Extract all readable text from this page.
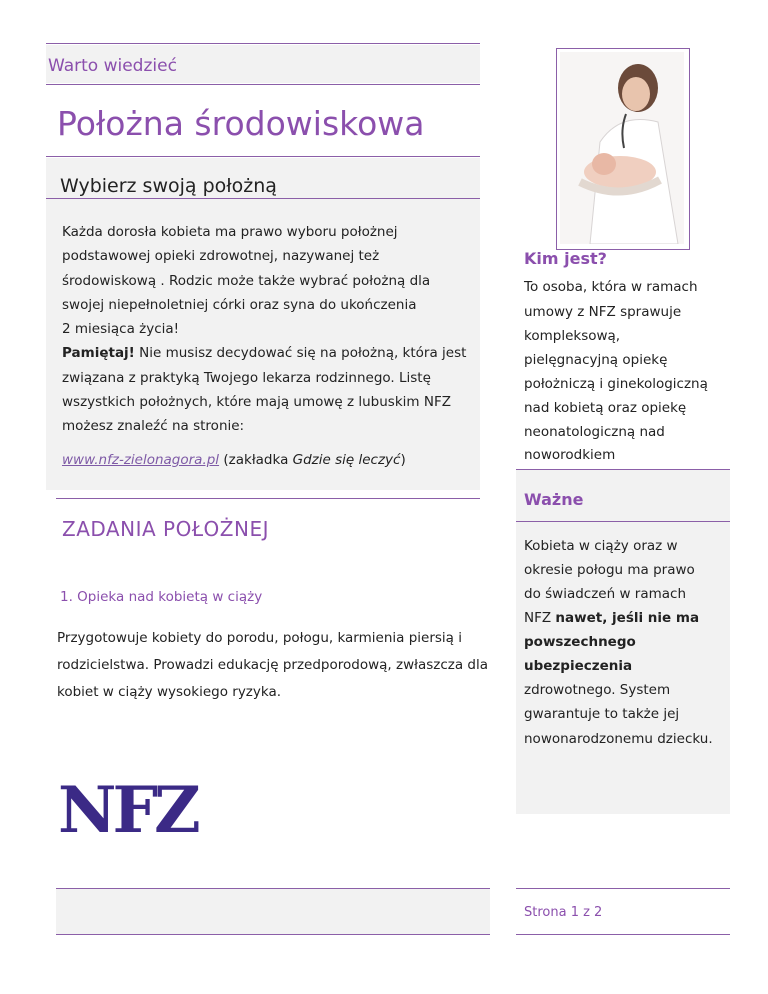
Warto wiedzieć
Położna środowiskowa
Wybierz swoją położną
Każda dorosła kobieta ma prawo wyboru położnej
podstawowej opieki zdrowotnej, nazywanej też
środowiskową . Rodzic może także wybrać położną dla
swojej niepełnoletniej córki oraz syna do ukończenia
2 miesiąca życia!
Pamiętaj! Nie musisz decydować się na położną, która jest
związana z praktyką Twojego lekarza rodzinnego. Listę
wszystkich położnych, które mają umowę z lubuskim NFZ
możesz znaleźć na stronie:
www.nfz-zielonagora.pl (zakładka Gdzie się leczyć)
ZADANIA POŁOŻNEJ
1. Opieka nad kobietą w ciąży
Przygotowuje kobiety do porodu, połogu, karmienia piersią i
rodzicielstwa. Prowadzi edukację przedporodową, zwłaszcza dla
kobiet w ciąży wysokiego ryzyka.
NFZ
Kim jest?
To osoba, która w ramach
umowy z NFZ sprawuje
kompleksową,
pielęgnacyjną opiekę
położniczą i ginekologiczną
nad kobietą oraz opiekę
neonatologiczną nad
noworodkiem
Ważne
Kobieta w ciąży oraz w
okresie połogu ma prawo
do świadczeń w ramach
NFZ nawet, jeśli nie ma
powszechnego
ubezpieczenia
zdrowotnego. System
gwarantuje to także jej
nowonarodzonemu dziecku.
Strona 1 z 2
